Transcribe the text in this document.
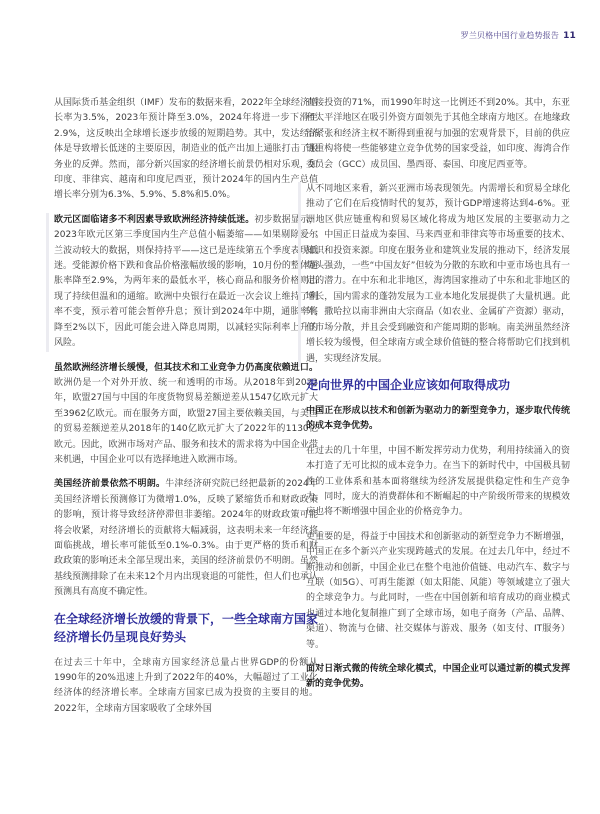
罗兰贝格中国行业趋势报告 11

从国际货币基金组织（IMF）发布的数据来看，2022年全球经济增长率为3.5%，2023年预计降至3.0%，2024年将进一步下滑至2.9%，这反映出全球增长逐步放缓的短期趋势。其中，发达经济体是导致增长低迷的主要原因，制造业的低产出加上通胀打击了服务业的反弹。然而，部分新兴国家的经济增长前景仍相对乐观，如印度、菲律宾、越南和印度尼西亚，预计2024年的国内生产总值增长率分别为6.3%、5.9%、5.8%和5.0%。

欧元区面临诸多不利因素导致欧洲经济持续低迷。初步数据显示，2023年欧元区第三季度国内生产总值小幅萎缩——如果剔除爱尔兰波动较大的数据，则保持持平——这已是连续第五个季度表现低迷。受能源价格下跌和食品价格涨幅放缓的影响，10月份的整体通胀率降至2.9%，为两年来的最低水平，核心商品和服务价格则出现了持续但温和的通缩。欧洲中央银行在最近一次会议上维持了利率不变，预示着可能会暂停升息；预计到2024年中期，通胀率将降至2%以下，因此可能会进入降息周期，以减轻实际利率上升的风险。

虽然欧洲经济增长缓慢，但其技术和工业竞争力仍高度依赖进口。欧洲仍是一个对外开放、统一和透明的市场。从2018年到2022年，欧盟27国与中国的年度货物贸易差额逆差从1547亿欧元扩大至3962亿欧元。而在服务方面，欧盟27国主要依赖美国，与美国的贸易差额逆差从2018年的140亿欧元扩大了2022年的1130亿欧元。因此，欧洲市场对产品、服务和技术的需求将为中国企业带来机遇，中国企业可以有选择地进入欧洲市场。

美国经济前景依然不明朗。牛津经济研究院已经把最新的2024年美国经济增长预测修订为微增1.0%，反映了紧缩货币和财政政策的影响，预计将导致经济停滞但非萎缩。2024年的财政政策可能将会收紧，对经济增长的贡献将大幅减弱，这表明未来一年经济将面临挑战，增长率可能低至0.1%-0.3%。由于更严格的货币和财政政策的影响还未全部呈现出来，美国的经济前景仍不明朗。虽然基线预测排除了在未来12个月内出现衰退的可能性，但人们也承认预测具有高度不确定性。

在全球经济增长放缓的背景下，一些全球南方国家经济增长仍呈现良好势头

在过去三十年中，全球南方国家经济总量占世界GDP的份额从1990年的20%迅速上升到了2022年的40%，大幅超过了工业化经济体的经济增长率。全球南方国家已成为投资的主要目的地。2022年，全球南方国家吸收了全球外国

直接投资的71%，而1990年时这一比例还不到20%。其中，东亚和太平洋地区在吸引外资方面领先于其他全球南方地区。在地缘政治紧张和经济主权不断得到重视与加强的宏观背景下，目前的供应链重构将使一些能够建立竞争优势的国家受益，如印度、海湾合作委员会（GCC）成员国、墨西哥、泰国、印度尼西亚等。

从不同地区来看，新兴亚洲市场表现领先。内需增长和贸易全球化推动了它们在后疫情时代的复苏，预计GDP增速将达到4-6%。亚洲地区供应链重构和贸易区域化将成为地区发展的主要驱动力之一。中国正日益成为泰国、马来西亚和菲律宾等市场重要的技术、知识和投资来源。印度在服务业和建筑业发展的推动下，经济发展势头强劲，一些“中国友好”但较为分散的东欧和中亚市场也具有一定的潜力。在中东和北非地区，海湾国家推动了中东和北非地区的增长，国内需求的蓬勃发展为工业本地化发展提供了大量机遇。此外，撒哈拉以南非洲由大宗商品（如农业、金属矿产资源）驱动，但市场分散，并且会受到融资和产能周期的影响。南美洲虽然经济增长较为缓慢，但全球南方或全球价值链的整合将帮助它们找到机遇，实现经济发展。

走向世界的中国企业应该如何取得成功

中国正在形成以技术和创新为驱动力的新型竞争力，逐步取代传统的成本竞争优势。

在过去的几十年里，中国不断发挥劳动力优势，利用持续涌入的资本打造了无可比拟的成本竞争力。在当下的新时代中，中国极具韧性的工业体系和基本面将继续为经济发展提供稳定性和生产竞争力。同时，庞大的消费群体和不断崛起的中产阶级所带来的规模效应也将不断增强中国企业的价格竞争力。

更重要的是，得益于中国技术和创新驱动的新型竞争力不断增强，中国正在多个新兴产业实现跨越式的发展。在过去几年中，经过不断推动和创新，中国企业已在整个电池价值链、电动汽车、数字与互联（如5G）、可再生能源（如太阳能、风能）等领域建立了强大的全球竞争力。与此同时，一些在中国创新和培育成功的商业模式也通过本地化复制推广到了全球市场，如电子商务（产品、品牌、渠道）、物流与仓储、社交媒体与游戏、服务（如支付、IT服务）等。

面对日渐式微的传统全球化模式，中国企业可以通过新的模式发挥新的竞争优势。
